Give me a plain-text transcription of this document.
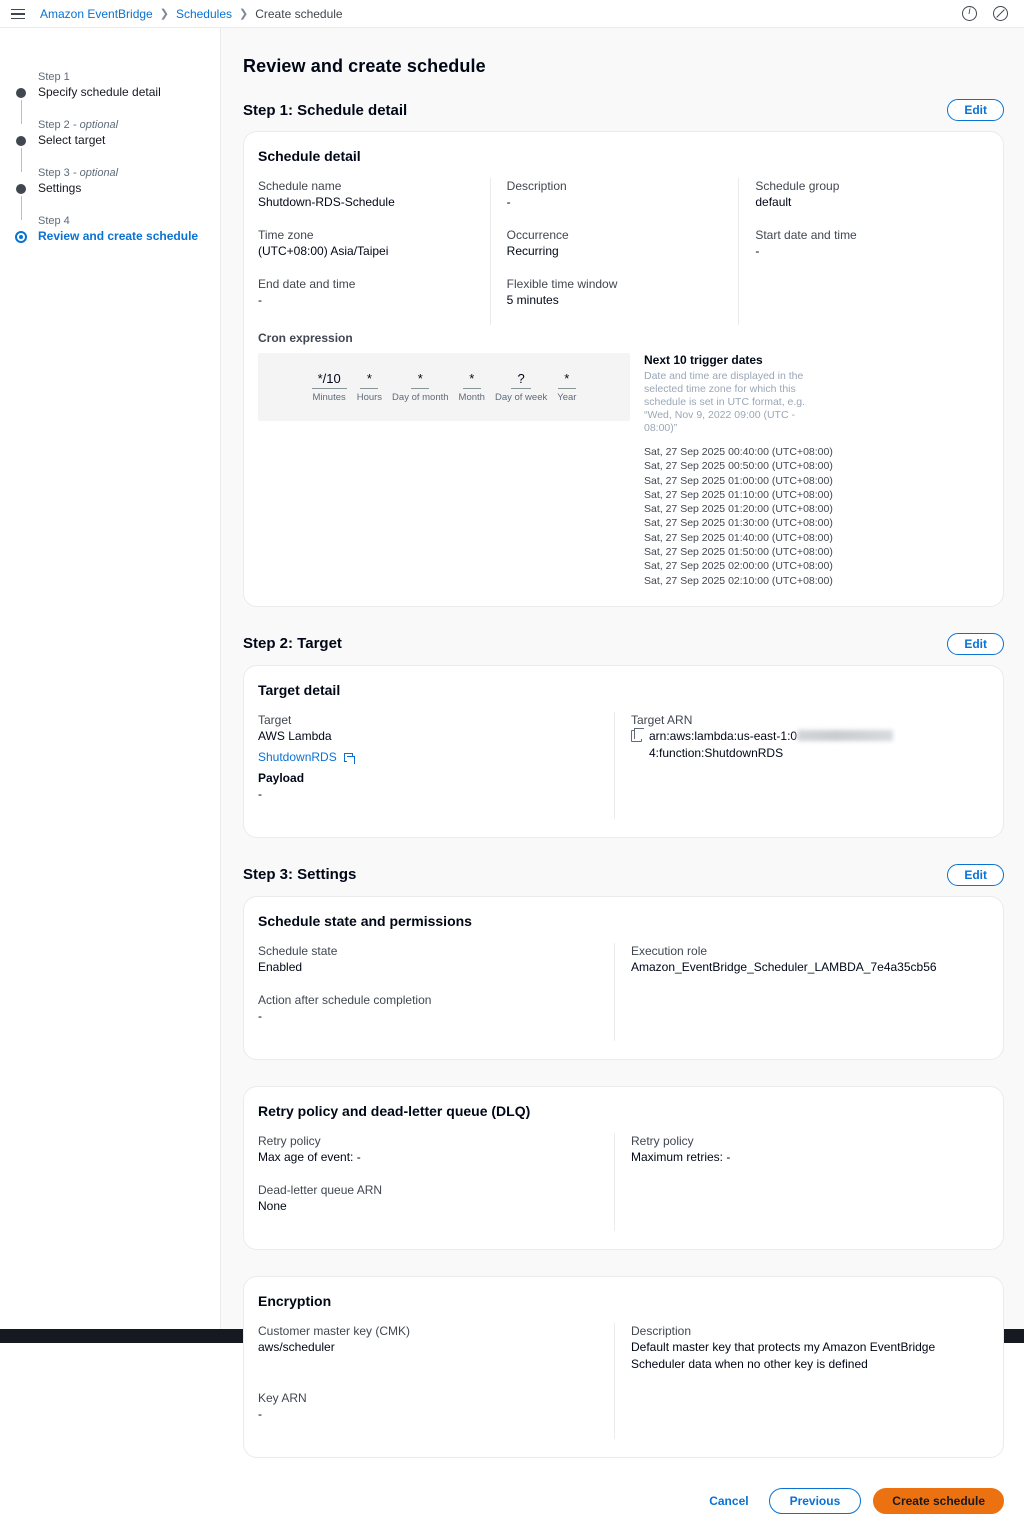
Amazon EventBridge ❯ Schedules ❯ Create schedule
i
Step 1
Specify schedule detail
Step 2 - optional
Select target
Step 3 - optional
Settings
Step 4
Review and create schedule
Review and create schedule
Step 1: Schedule detail	Edit
Schedule detail
Schedule name
Shutdown-RDS-Schedule
Time zone
(UTC+08:00) Asia/Taipei
End date and time
-
Description
-
Occurrence
Recurring
Flexible time window
5 minutes
Schedule group
default
Start date and time
-
Cron expression
*/10
Minutes
*
Hours
*
Day of month
*
Month
?
Day of week
*
Year
Next 10 trigger dates
Date and time are displayed in the selected time zone for which this schedule is set in UTC format, e.g. “Wed, Nov 9, 2022 09:00 (UTC - 08:00)”
Sat, 27 Sep 2025 00:40:00 (UTC+08:00)
Sat, 27 Sep 2025 00:50:00 (UTC+08:00)
Sat, 27 Sep 2025 01:00:00 (UTC+08:00)
Sat, 27 Sep 2025 01:10:00 (UTC+08:00)
Sat, 27 Sep 2025 01:20:00 (UTC+08:00)
Sat, 27 Sep 2025 01:30:00 (UTC+08:00)
Sat, 27 Sep 2025 01:40:00 (UTC+08:00)
Sat, 27 Sep 2025 01:50:00 (UTC+08:00)
Sat, 27 Sep 2025 02:00:00 (UTC+08:00)
Sat, 27 Sep 2025 02:10:00 (UTC+08:00)
Step 2: Target	Edit
Target detail
Target
AWS Lambda
ShutdownRDS
Payload
-
Target ARN
arn:aws:lambda:us-east-1:04:function:ShutdownRDS
Step 3: Settings	Edit
Schedule state and permissions
Schedule state
Enabled
Action after schedule completion
-
Execution role
Amazon_EventBridge_Scheduler_LAMBDA_7e4a35cb56
Retry policy and dead-letter queue (DLQ)
Retry policy
Max age of event: -
Dead-letter queue ARN
None
Retry policy
Maximum retries: -
Encryption
Customer master key (CMK)
aws/scheduler
Key ARN
-
Description
Default master key that protects my Amazon EventBridge Scheduler data when no other key is defined
Cancel	Previous	Create schedule
